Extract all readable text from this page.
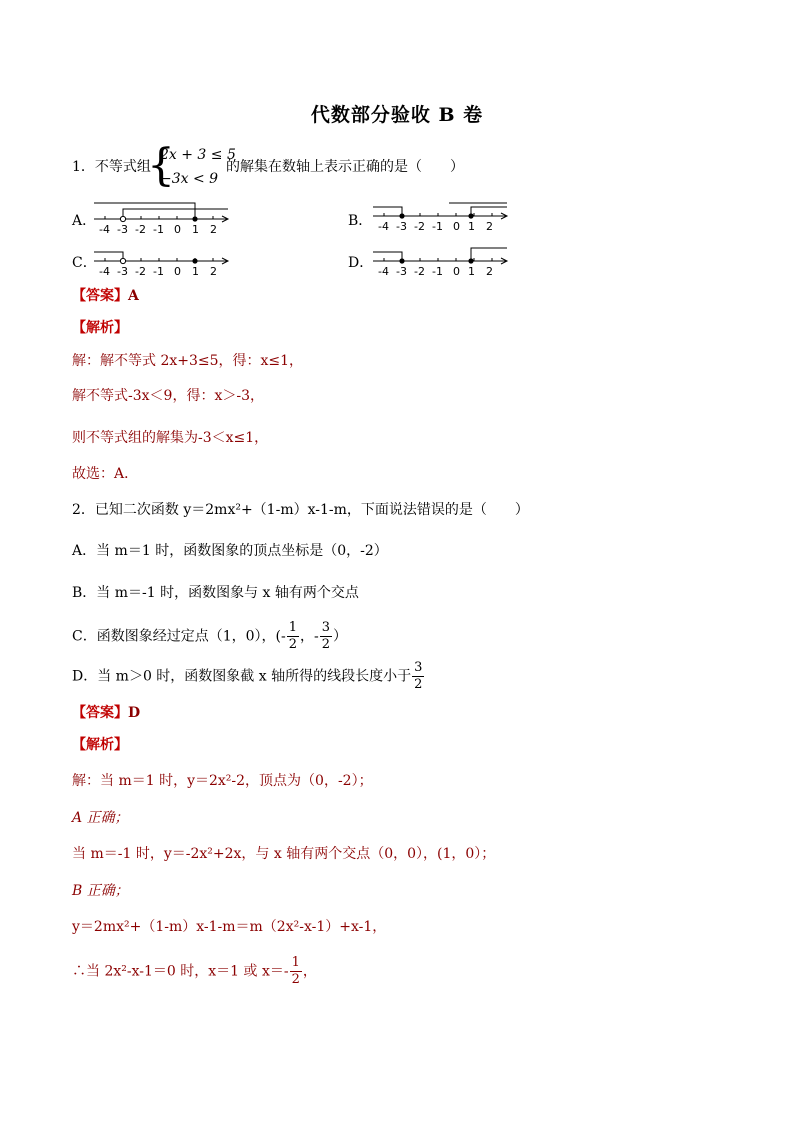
代数部分验收 B 卷
1．不等式组
{
2x + 3 ≤ 5
−3x < 9
的解集在数轴上表示正确的是（　　）
A．	B．
C．	D．
-4 -3 -2 -1 0 1 2	-4 -3 -2 -1 0 1 2
-4 -3 -2 -1 0 1 2	-4 -3 -2 -1 0 1 2
【答案】A
【解析】
解：解不等式 2x+3≤5，得：x≤1，
解不等式-3x＜9，得：x＞-3，
则不等式组的解集为-3＜x≤1，
故选：A．
2．已知二次函数 y＝2mx²+（1-m）x-1-m，下面说法错误的是（　　）
A．当 m＝1 时，函数图象的顶点坐标是（0，-2）
B．当 m＝-1 时，函数图象与 x 轴有两个交点
C．函数图象经过定点（1，0），(- $\frac{1}{2}$ ，- $\frac{3}{2}$ ）
D．当 m＞0 时，函数图象截 x 轴所得的线段长度小于 $\frac{3}{2}$
【答案】D
【解析】
解：当 m＝1 时，y＝2x²-2，顶点为（0，-2）；
A 正确；
当 m＝-1 时，y＝-2x²+2x，与 x 轴有两个交点（0，0），(1，0）；
B 正确；
y＝2mx²+（1-m）x-1-m＝m（2x²-x-1）+x-1，
∴当 2x²-x-1＝0 时，x＝1 或 $x=- \frac{1}{2}$ ，
